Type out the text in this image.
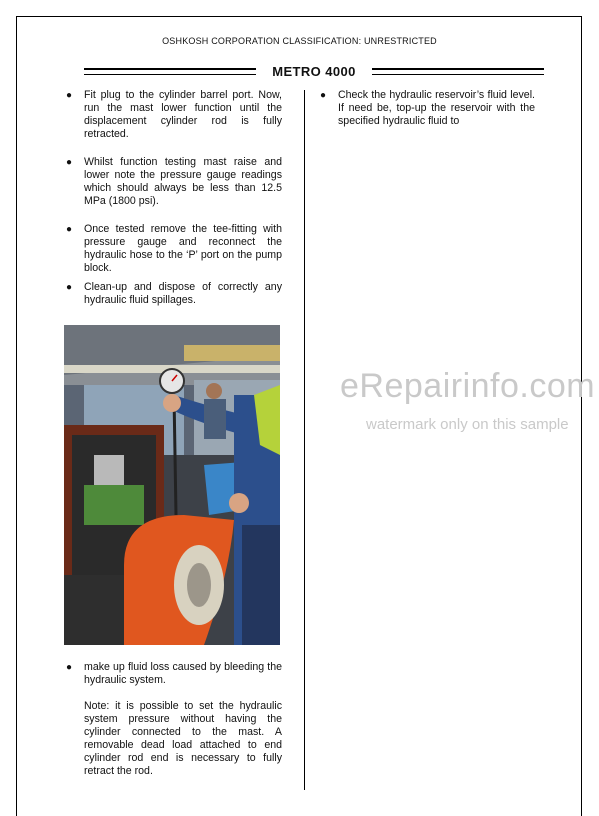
OSHKOSH CORPORATION CLASSIFICATION: UNRESTRICTED
METRO 4000
● Fit plug to the cylinder barrel port. Now, run the mast lower function until the displacement cylinder rod is fully retracted.
● Whilst function testing mast raise and lower note the pressure gauge readings which should always be less than 12.5 MPa (1800 psi).
● Once tested remove the tee-fitting with pressure gauge and reconnect the hydraulic hose to the ‘P’ port on the pump block.
● Clean-up and dispose of correctly any hydraulic fluid spillages.
● make up fluid loss caused by bleeding the hydraulic system.
Note: it is possible to set the hydraulic system pressure without having the cylinder connected to the mast. A removable dead load attached to end cylinder rod end is necessary to fully retract the rod.
● Check the hydraulic reservoir’s fluid level. If need be, top-up the reservoir with the specified hydraulic fluid to
eRepairinfo.com
watermark only on this sample
